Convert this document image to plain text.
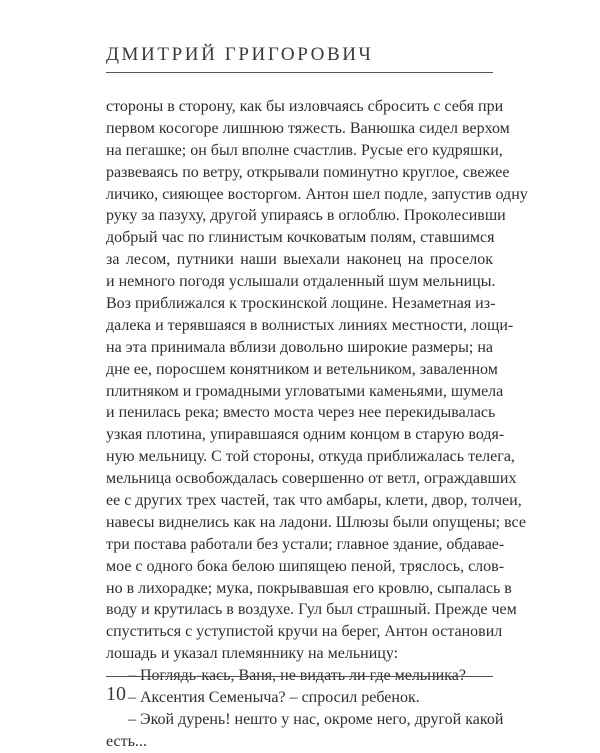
ДМИТРИЙ ГРИГОРОВИЧ
стороны в сторону, как бы изловчаясь сбросить с себя при
первом косогоре лишнюю тяжесть. Ванюшка сидел верхом
на пегашке; он был вполне счастлив. Русые его кудряшки,
развеваясь по ветру, открывали поминутно круглое, свежее
личико, сияющее восторгом. Антон шел подле, запустив одну
руку за пазуху, другой упираясь в оглоблю. Проколесивши
добрый час по глинистым кочковатым полям, ставшимся
за лесом, путники наши выехали наконец на проселок
и немного погодя услышали отдаленный шум мельницы.
Воз приближался к троскинской лощине. Незаметная из-
далека и терявшаяся в волнистых линиях местности, лощи-
на эта принимала вблизи довольно широкие размеры; на
дне ее, поросшем конятником и ветельником, заваленном
плитняком и громадными угловатыми каменьями, шумела
и пенилась река; вместо моста через нее перекидывалась
узкая плотина, упиравшаяся одним концом в старую водя-
ную мельницу. С той стороны, откуда приближалась телега,
мельница освобождалась совершенно от ветл, ограждавших
ее с других трех частей, так что амбары, клети, двор, толчеи,
навесы виднелись как на ладони. Шлюзы были опущены; все
три постава работали без устали; главное здание, обдавае-
мое с одного бока белою шипящею пеной, тряслось, слов-
но в лихорадке; мука, покрывавшая его кровлю, сыпалась в
воду и крутилась в воздухе. Гул был страшный. Прежде чем
спуститься с уступистой кручи на берег, Антон остановил
лошадь и указал племяннику на мельницу:
– Поглядь-кась, Ваня, не видать ли где мельника?
– Аксентия Семеныча? – спросил ребенок.
– Экой дурень! нешто у нас, окроме него, другой какой
есть...
10
